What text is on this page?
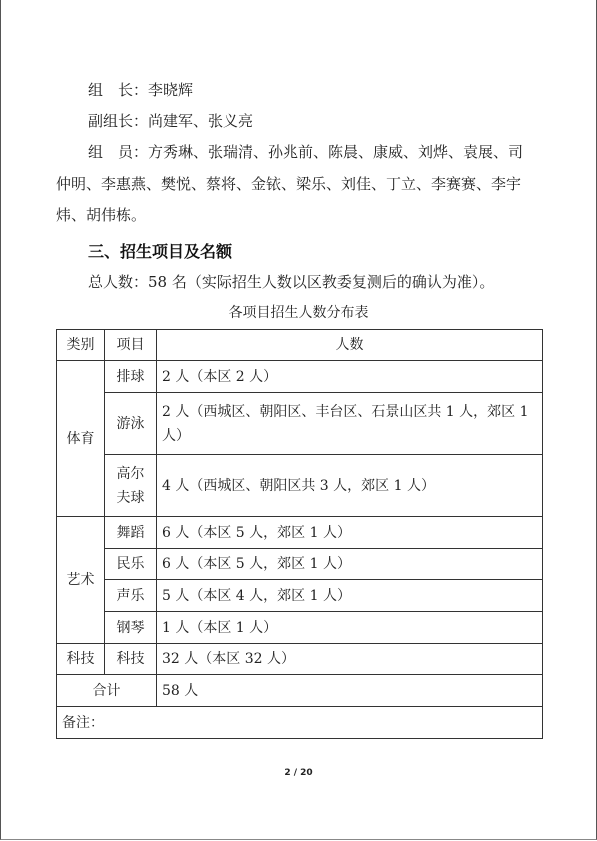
组　长：李晓辉
副组长：尚建军、张义亮
组　员：方秀琳、张瑞清、孙兆前、陈晨、康威、刘烨、袁展、司
仲明、李惠燕、樊悦、蔡将、金铱、梁乐、刘佳、丁立、李赛赛、李宇
炜、胡伟栋。
三、招生项目及名额
总人数：58 名（实际招生人数以区教委复测后的确认为准）。
各项目招生人数分布表
类别	项目	人数
体育	排球	2 人（本区 2 人）
	游泳	2 人（西城区、朝阳区、丰台区、石景山区共 1 人，郊区 1 人）
	高尔夫球	4 人（西城区、朝阳区共 3 人，郊区 1 人）
艺术	舞蹈	6 人（本区 5 人，郊区 1 人）
	民乐	6 人（本区 5 人，郊区 1 人）
	声乐	5 人（本区 4 人，郊区 1 人）
	钢琴	1 人（本区 1 人）
科技	科技	32 人（本区 32 人）
合计		58 人
备注：		
2 / 20
